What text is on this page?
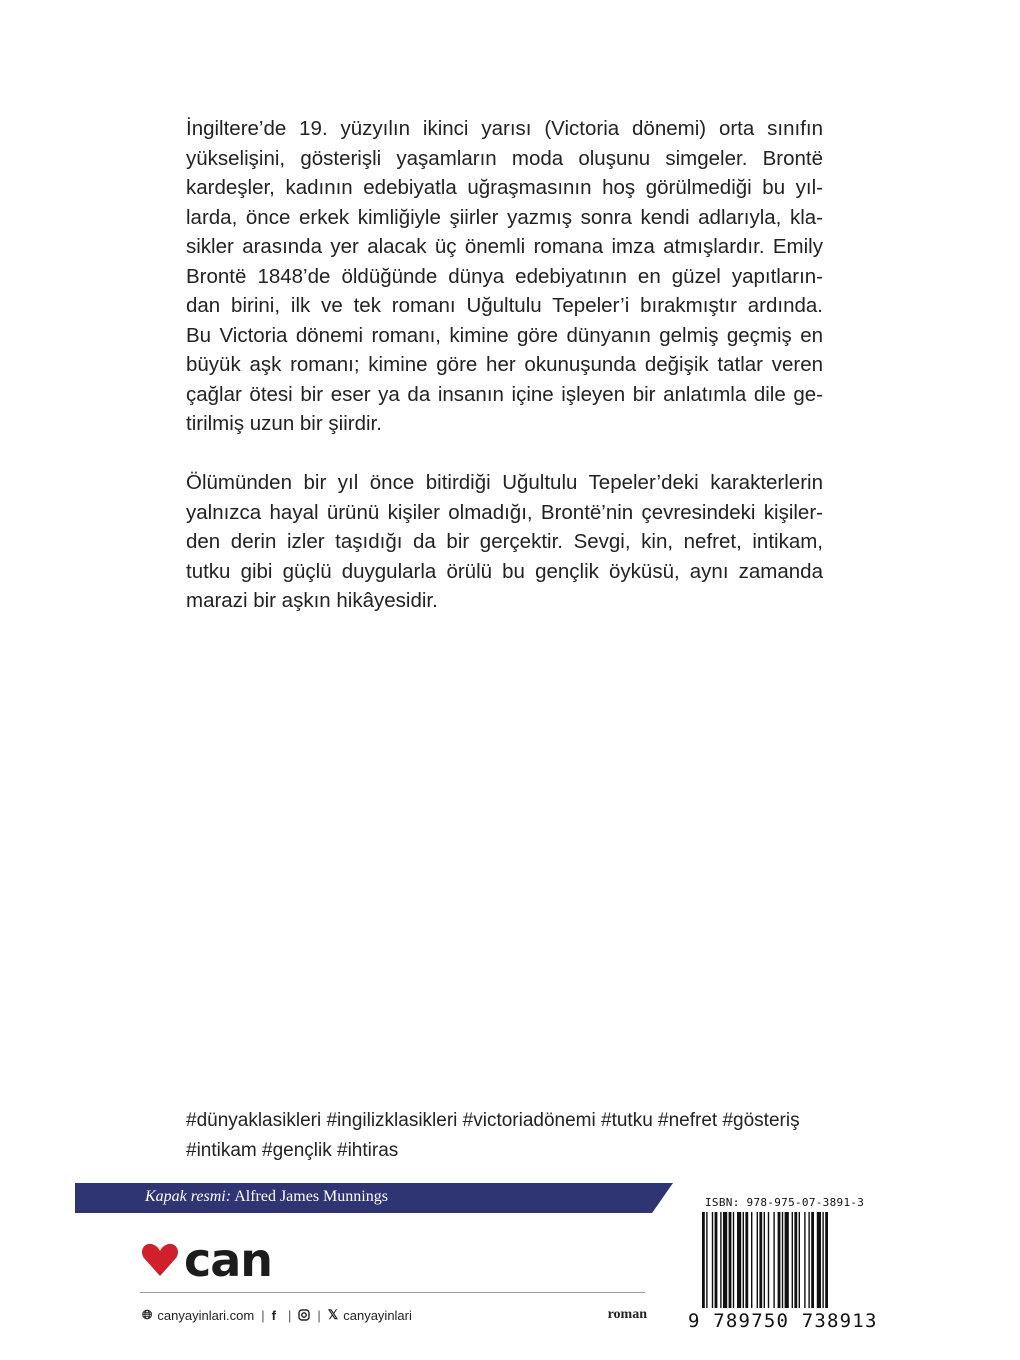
İngiltere’de 19. yüzyılın ikinci yarısı (Victoria dönemi) orta sınıfın
yükselişini, gösterişli yaşamların moda oluşunu simgeler. Brontë
kardeşler, kadının edebiyatla uğraşmasının hoş görülmediği bu yıl-
larda, önce erkek kimliğiyle şiirler yazmış sonra kendi adlarıyla, kla-
sikler arasında yer alacak üç önemli romana imza atmışlardır. Emily
Brontë 1848’de öldüğünde dünya edebiyatının en güzel yapıtların-
dan birini, ilk ve tek romanı Uğultulu Tepeler’i bırakmıştır ardında.
Bu Victoria dönemi romanı, kimine göre dünyanın gelmiş geçmiş en
büyük aşk romanı; kimine göre her okunuşunda değişik tatlar veren
çağlar ötesi bir eser ya da insanın içine işleyen bir anlatımla dile ge-
tirilmiş uzun bir şiirdir.

Ölümünden bir yıl önce bitirdiği Uğultulu Tepeler’deki karakterlerin
yalnızca hayal ürünü kişiler olmadığı, Brontë’nin çevresindeki kişiler-
den derin izler taşıdığı da bir gerçektir. Sevgi, kin, nefret, intikam,
tutku gibi güçlü duygularla örülü bu gençlik öyküsü, aynı zamanda
marazi bir aşkın hikâyesidir.

#dünyaklasikleri #ingilizklasikleri #victoriadönemi #tutku #nefret #gösteriş
#intikam #gençlik #ihtiras
Kapak resmi: Alfred James Munnings
can
🌐︎ canyayinlari.com | f | | 𝕏 canyayinlari	roman
ISBN: 978-975-07-3891-3
9 789750 738913
